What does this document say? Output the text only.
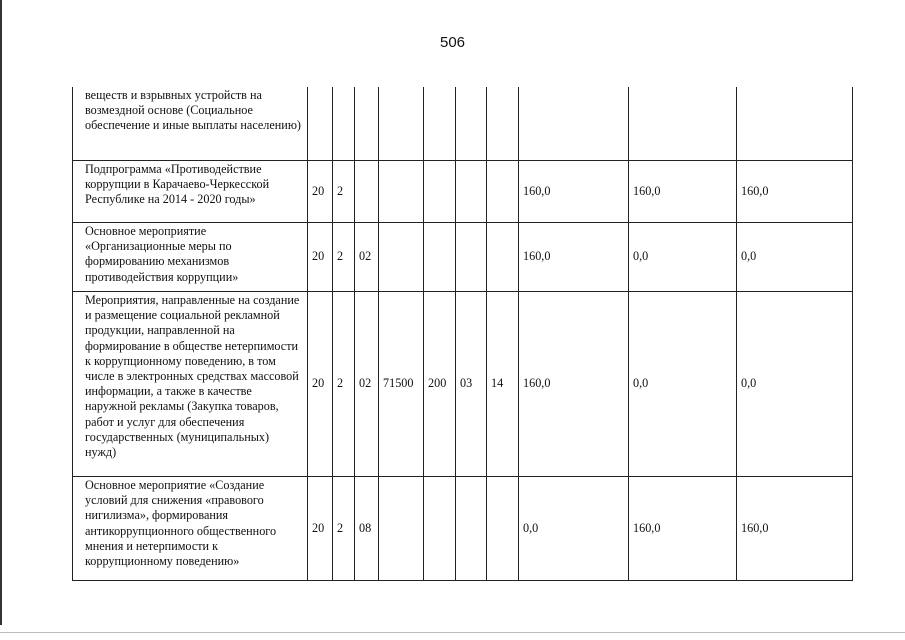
506
веществ и взрывных устройств на возмездной основе (Социальное обеспечение и иные выплаты населению)										
Подпрограмма «Противодействие коррупции в Карачаево-Черкесской Республике на 2014 - 2020 годы»	20	2						160,0	160,0	160,0
Основное мероприятие «Организационные меры по формированию механизмов противодействия коррупции»	20	2	02					160,0	0,0	0,0
Мероприятия, направленные на создание и размещение социальной рекламной продукции, направленной на формирование в обществе нетерпимости к коррупционному поведению, в том числе в электронных средствах массовой информации, а также в качестве наружной рекламы (Закупка товаров, работ и услуг для обеспечения государственных (муниципальных) нужд)	20	2	02	71500	200	03	14	160,0	0,0	0,0
Основное мероприятие «Создание условий для снижения «правового нигилизма», формирования антикоррупционного общественного мнения и нетерпимости к коррупционному поведению»	20	2	08					0,0	160,0	160,0
